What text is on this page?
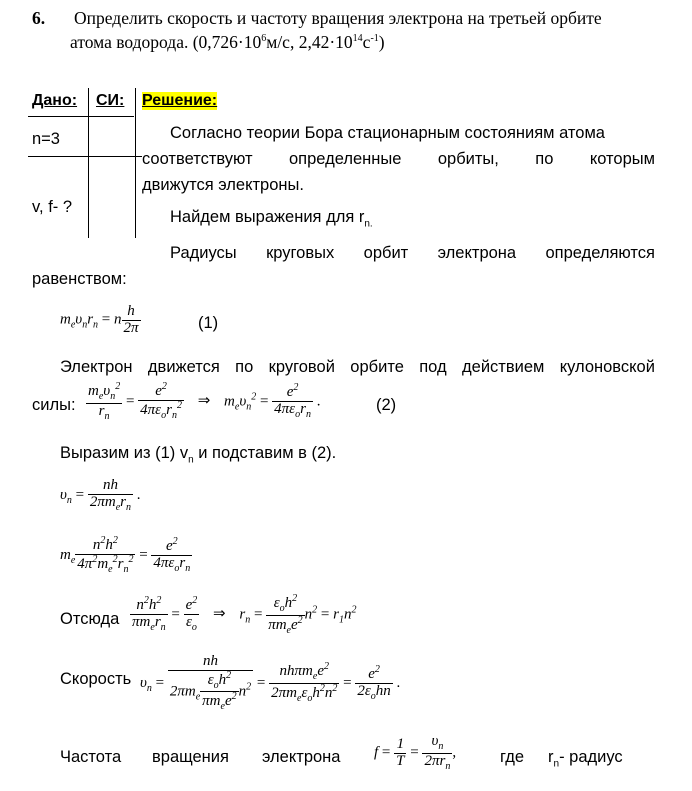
6. Определить скорость и частоту вращения электрона на третьей орбите
атома водорода. ($0,726\cdot 10^6м/с$, $2,42\cdot 10^{14}с^{-1}$)
Дано: СИ: Решение:
n=3
v, f- ?
Согласно теории Бора стационарным состояниям атома
соответствуют определенные орбиты, по которым
движутся электроны.
Найдем выражения для $r_{n.}$
Радиусы круговых орбит электрона определяются
равенством:
$m_e\upsilon_nr_n = n \frac{h}{2\pi}$	(1)
Электрон движется по круговой орбите под действием кулоновской
силы: $\frac{m_e\upsilon_n^2}{r_n} = \frac{e^2}{4\pi\varepsilon_or_n^2}$ ⇒ $m_e\upsilon_n^2 = \frac{e^2}{4\pi\varepsilon_or_n}$ .	(2)
Выразим из (1) $v_n$ и подставим в (2).
$\upsilon_n = \frac{nh}{2\pi m_er_n}$ .
$m_e \frac{n^2h^2}{4\pi^2m_e^2r_n^2} = \frac{e^2}{4\pi\varepsilon_or_n}$
Отсюда $\frac{n^2h^2}{\pi m_er_n} = \frac{e^2}{\varepsilon_o}$ ⇒ $r_n = \frac{\varepsilon_oh^2}{\pi m_ee^2} n^2 = r_1n^2$
Скорость $\upsilon_n = \frac{nh}{2\pi m_e \frac{\varepsilon_oh^2}{\pi m_ee^2} n^2} = \frac{nh\pi m_ee^2}{2\pi m_e\varepsilon_oh^2n^2} = \frac{e^2}{2\varepsilon_ohn}$ .
Частота вращения электрона $f = \frac{1}{T} = \frac{\upsilon_n}{2\pi r_n}$ ,	где $r_n-$ радиус
